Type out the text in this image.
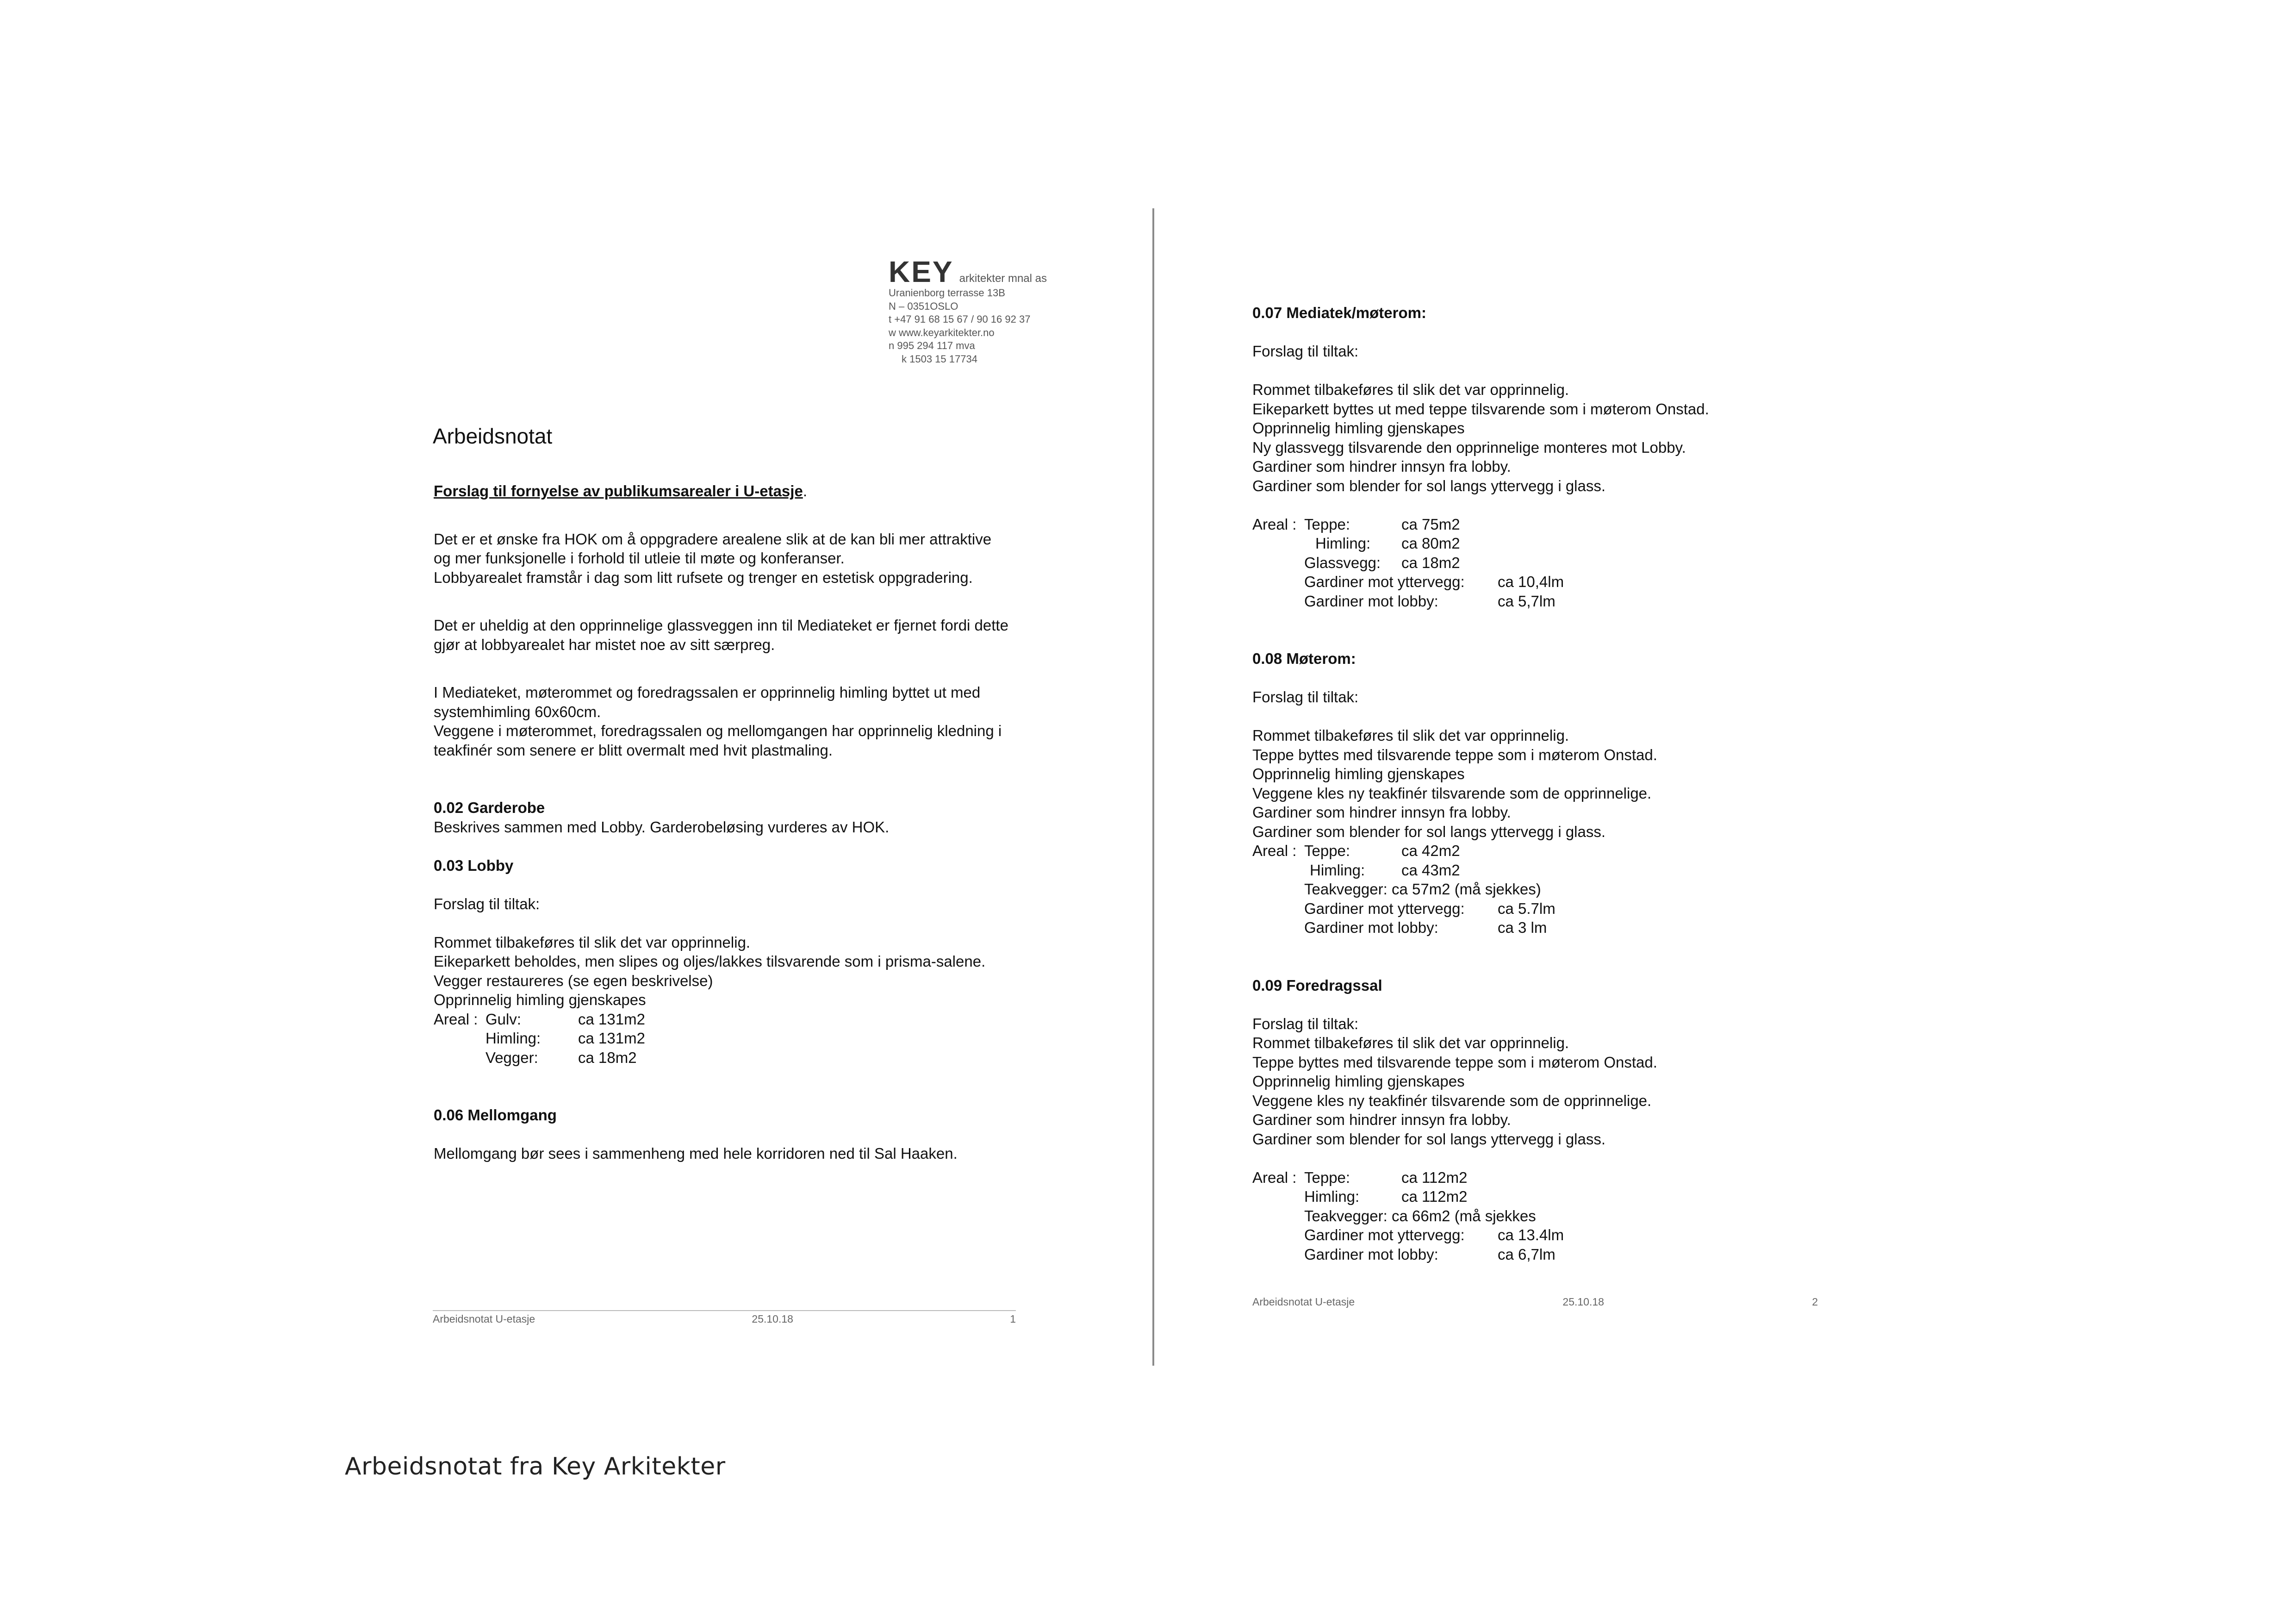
KEY arkitekter mnal as
Uranienborg terrasse 13B
N – 0351OSLO
t +47 91 68 15 67 / 90 16 92 37
w www.keyarkitekter.no
n 995 294 117 mva
k 1503 15 17734
Arbeidsnotat

Forslag til fornyelse av publikumsarealer i U-etasje.

Det er et ønske fra HOK om å oppgradere arealene slik at de kan bli mer attraktive

og mer funksjonelle i forhold til utleie til møte og konferanser.

Lobbyarealet framstår i dag som litt rufsete og trenger en estetisk oppgradering.

Det er uheldig at den opprinnelige glassveggen inn til Mediateket er fjernet fordi dette

gjør at lobbyarealet har mistet noe av sitt særpreg.

I Mediateket, møterommet og foredragssalen er opprinnelig himling byttet ut med

systemhimling 60x60cm.

Veggene i møterommet, foredragssalen og mellomgangen har opprinnelig kledning i

teakfinér som senere er blitt overmalt med hvit plastmaling.

0.02 Garderobe

Beskrives sammen med Lobby. Garderobeløsing vurderes av HOK.

0.03 Lobby

Forslag til tiltak:

Rommet tilbakeføres til slik det var opprinnelig.

Eikeparkett beholdes, men slipes og oljes/lakkes tilsvarende som i prisma-salene.

Vegger restaureres (se egen beskrivelse)

Opprinnelig himling gjenskapes

Areal :	Gulv:	ca 131m2
	Himling:	ca 131m2
	Vegger:	ca 18m2

0.06 Mellomgang

Mellomgang bør sees i sammenheng med hele korridoren ned til Sal Haaken.

Arbeidsnotat U-etasje	25.10.18	1

0.07 Mediatek/møterom:

Forslag til tiltak:

Rommet tilbakeføres til slik det var opprinnelig.

Eikeparkett byttes ut med teppe tilsvarende som i møterom Onstad.

Opprinnelig himling gjenskapes

Ny glassvegg tilsvarende den opprinnelige monteres mot Lobby.

Gardiner som hindrer innsyn fra lobby.

Gardiner som blender for sol langs yttervegg i glass.

Areal :	Teppe:	ca 75m2
	Himling:	ca 80m2
	Glassvegg:	ca 18m2
	Gardiner mot yttervegg: ca 10,4lm	
	Gardiner mot lobby: ca 5,7lm	

0.08 Møterom:

Forslag til tiltak:

Rommet tilbakeføres til slik det var opprinnelig.

Teppe byttes med tilsvarende teppe som i møterom Onstad.

Opprinnelig himling gjenskapes

Veggene kles ny teakfinér tilsvarende som de opprinnelige.

Gardiner som hindrer innsyn fra lobby.

Gardiner som blender for sol langs yttervegg i glass.

Areal :	Teppe:	ca 42m2
	Himling:	ca 43m2
	Teakvegger: ca 57m2 (må sjekkes)	
	Gardiner mot yttervegg: ca 5.7lm	
	Gardiner mot lobby: ca 3 lm	

0.09 Foredragssal

Forslag til tiltak:

Rommet tilbakeføres til slik det var opprinnelig.

Teppe byttes med tilsvarende teppe som i møterom Onstad.

Opprinnelig himling gjenskapes

Veggene kles ny teakfinér tilsvarende som de opprinnelige.

Gardiner som hindrer innsyn fra lobby.

Gardiner som blender for sol langs yttervegg i glass.

Areal :	Teppe:	ca 112m2
	Himling:	ca 112m2
	Teakvegger: ca 66m2 (må sjekkes	
	Gardiner mot yttervegg: ca 13.4lm	
	Gardiner mot lobby: ca 6,7lm	
Arbeidsnotat U-etasje	25.10.18	2
Arbeidsnotat fra Key Arkitekter
